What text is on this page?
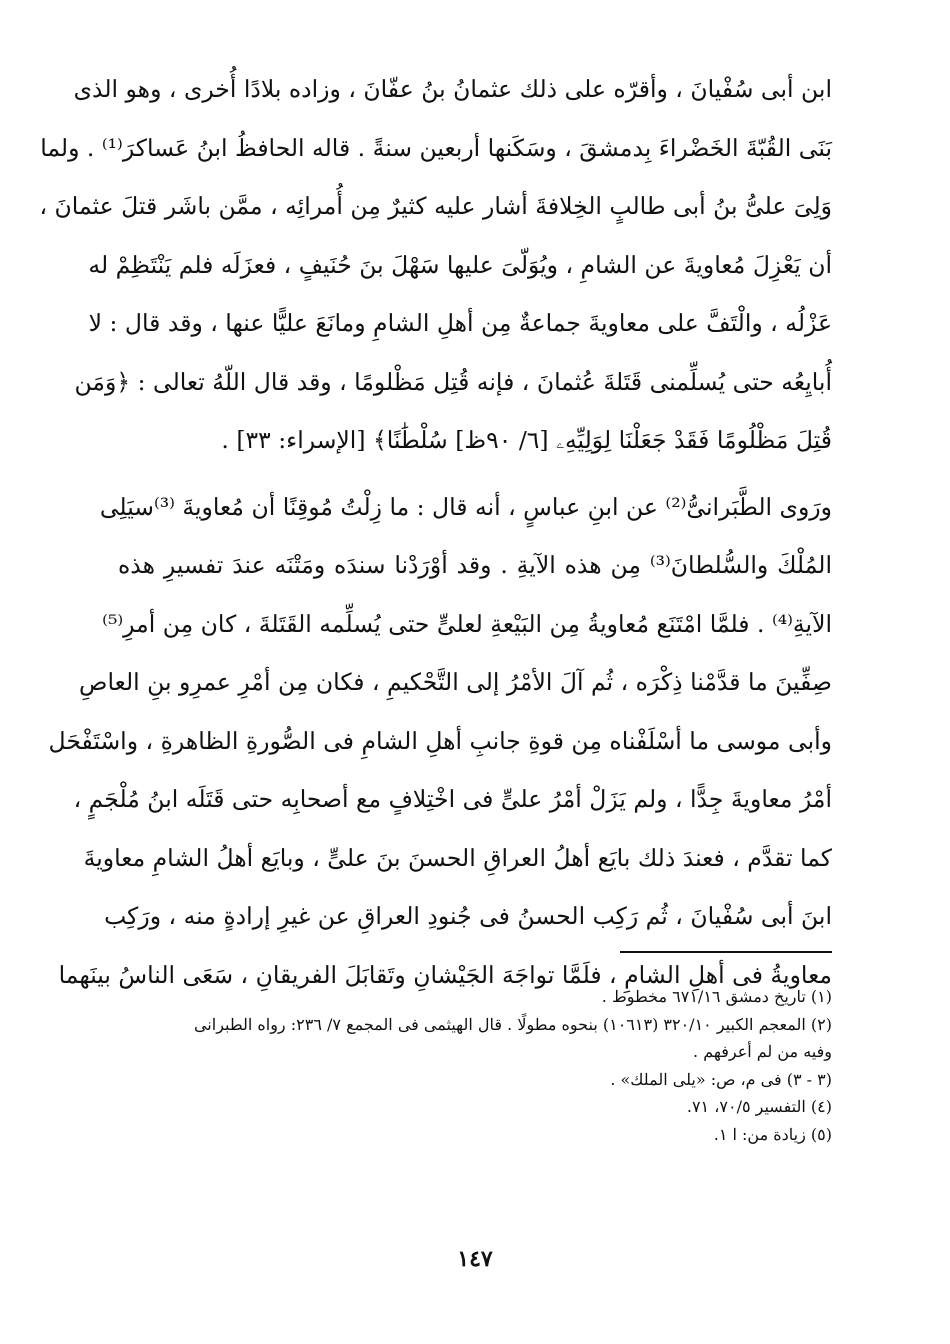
ابن أبى سُفْيانَ ، وأقرّه على ذلك عثمانُ بنُ عفّانَ ، وزاده بلادًا أُخرى ، وهو الذى
بَنَى القُبّةَ الخَضْراءَ بِدمشقَ ، وسَكَنها أربعين سنةً . قاله الحافظُ ابنُ عَساكرَ⁽¹⁾ . ولما
وَلِىَ علىُّ بنُ أبى طالبٍ الخِلافةَ أشار عليه كثيرٌ مِن أُمرائِه ، ممَّن باشَر قتلَ عثمانَ ،
أن يَعْزِلَ مُعاويةَ عن الشامِ ، ويُوَلّىَ عليها سَهْلَ بنَ حُنَيفٍ ، فعزَلَه فلم يَنْتَظِمْ له
عَزْلُه ، والْتَفَّ على معاويةَ جماعةٌ مِن أهلِ الشامِ ومانَعَ عليًّا عنها ، وقد قال : لا
أُبايِعُه حتى يُسلِّمنى قَتَلةَ عُثمانَ ، فإنه قُتِل مَظْلومًا ، وقد قال اللّهُ تعالى : ﴿وَمَن
قُتِلَ مَظْلُومًا فَقَدْ جَعَلْنَا لِوَلِيِّهِۦ [٦/ ٩٠ظ] سُلْطَٰنًا﴾ [الإسراء: ٣٣] .
ورَوى الطَّبَرانىُّ⁽²⁾ عن ابنِ عباسٍ ، أنه قال : ما زِلْتُ مُوقِنًا أن مُعاويةَ ⁽³⁾سيَلِى
المُلْكَ والسُّلطانَ⁽³⁾ مِن هذه الآيةِ . وقد أوْرَدْنا سندَه ومَتْنَه عندَ تفسيرِ هذه
الآيةِ⁽⁴⁾ . فلمَّا امْتَنَع مُعاويةُ مِن البَيْعةِ لعلىٍّ حتى يُسلِّمه القَتَلةَ ، كان مِن أمرِ⁽⁵⁾
صِفِّينَ ما قدَّمْنا ذِكْرَه ، ثُم آلَ الأمْرُ إلى التَّحْكيمِ ، فكان مِن أمْرِ عمرِو بنِ العاصِ
وأبى موسى ما أسْلَفْناه مِن قوةِ جانبِ أهلِ الشامِ فى الصُّورةِ الظاهرةِ ، واسْتَفْحَل
أمْرُ معاويةَ جِدًّا ، ولم يَزَلْ أمْرُ علىٍّ فى اخْتِلافٍ مع أصحابِه حتى قَتَلَه ابنُ مُلْجَمٍ ،
كما تقدَّم ، فعندَ ذلك بايَع أهلُ العراقِ الحسنَ بنَ علىٍّ ، وبايَع أهلُ الشامِ معاويةَ
ابنَ أبى سُفْيانَ ، ثُم رَكِب الحسنُ فى جُنودِ العراقِ عن غيرِ إرادةٍ منه ، ورَكِب
معاويةُ فى أهلِ الشامِ ، فلَمَّا تواجَهَ الجَيْشانِ وتَقابَلَ الفريقانِ ، سَعَى الناسُ بينَهما
(١) تاريخ دمشق ٦٧١/١٦ مخطوط .
(٢) المعجم الكبير ٣٢٠/١٠ (١٠٦١٣) بنحوه مطولًا . قال الهيثمى فى المجمع ٧/ ٢٣٦: رواه الطبرانى
وفيه من لم أعرفهم .
(٣ - ٣) فى م، ص: «يلى الملك» .
(٤) التفسير ٧٠/٥، ٧١.
(٥) زيادة من: ا ١.
١٤٧
